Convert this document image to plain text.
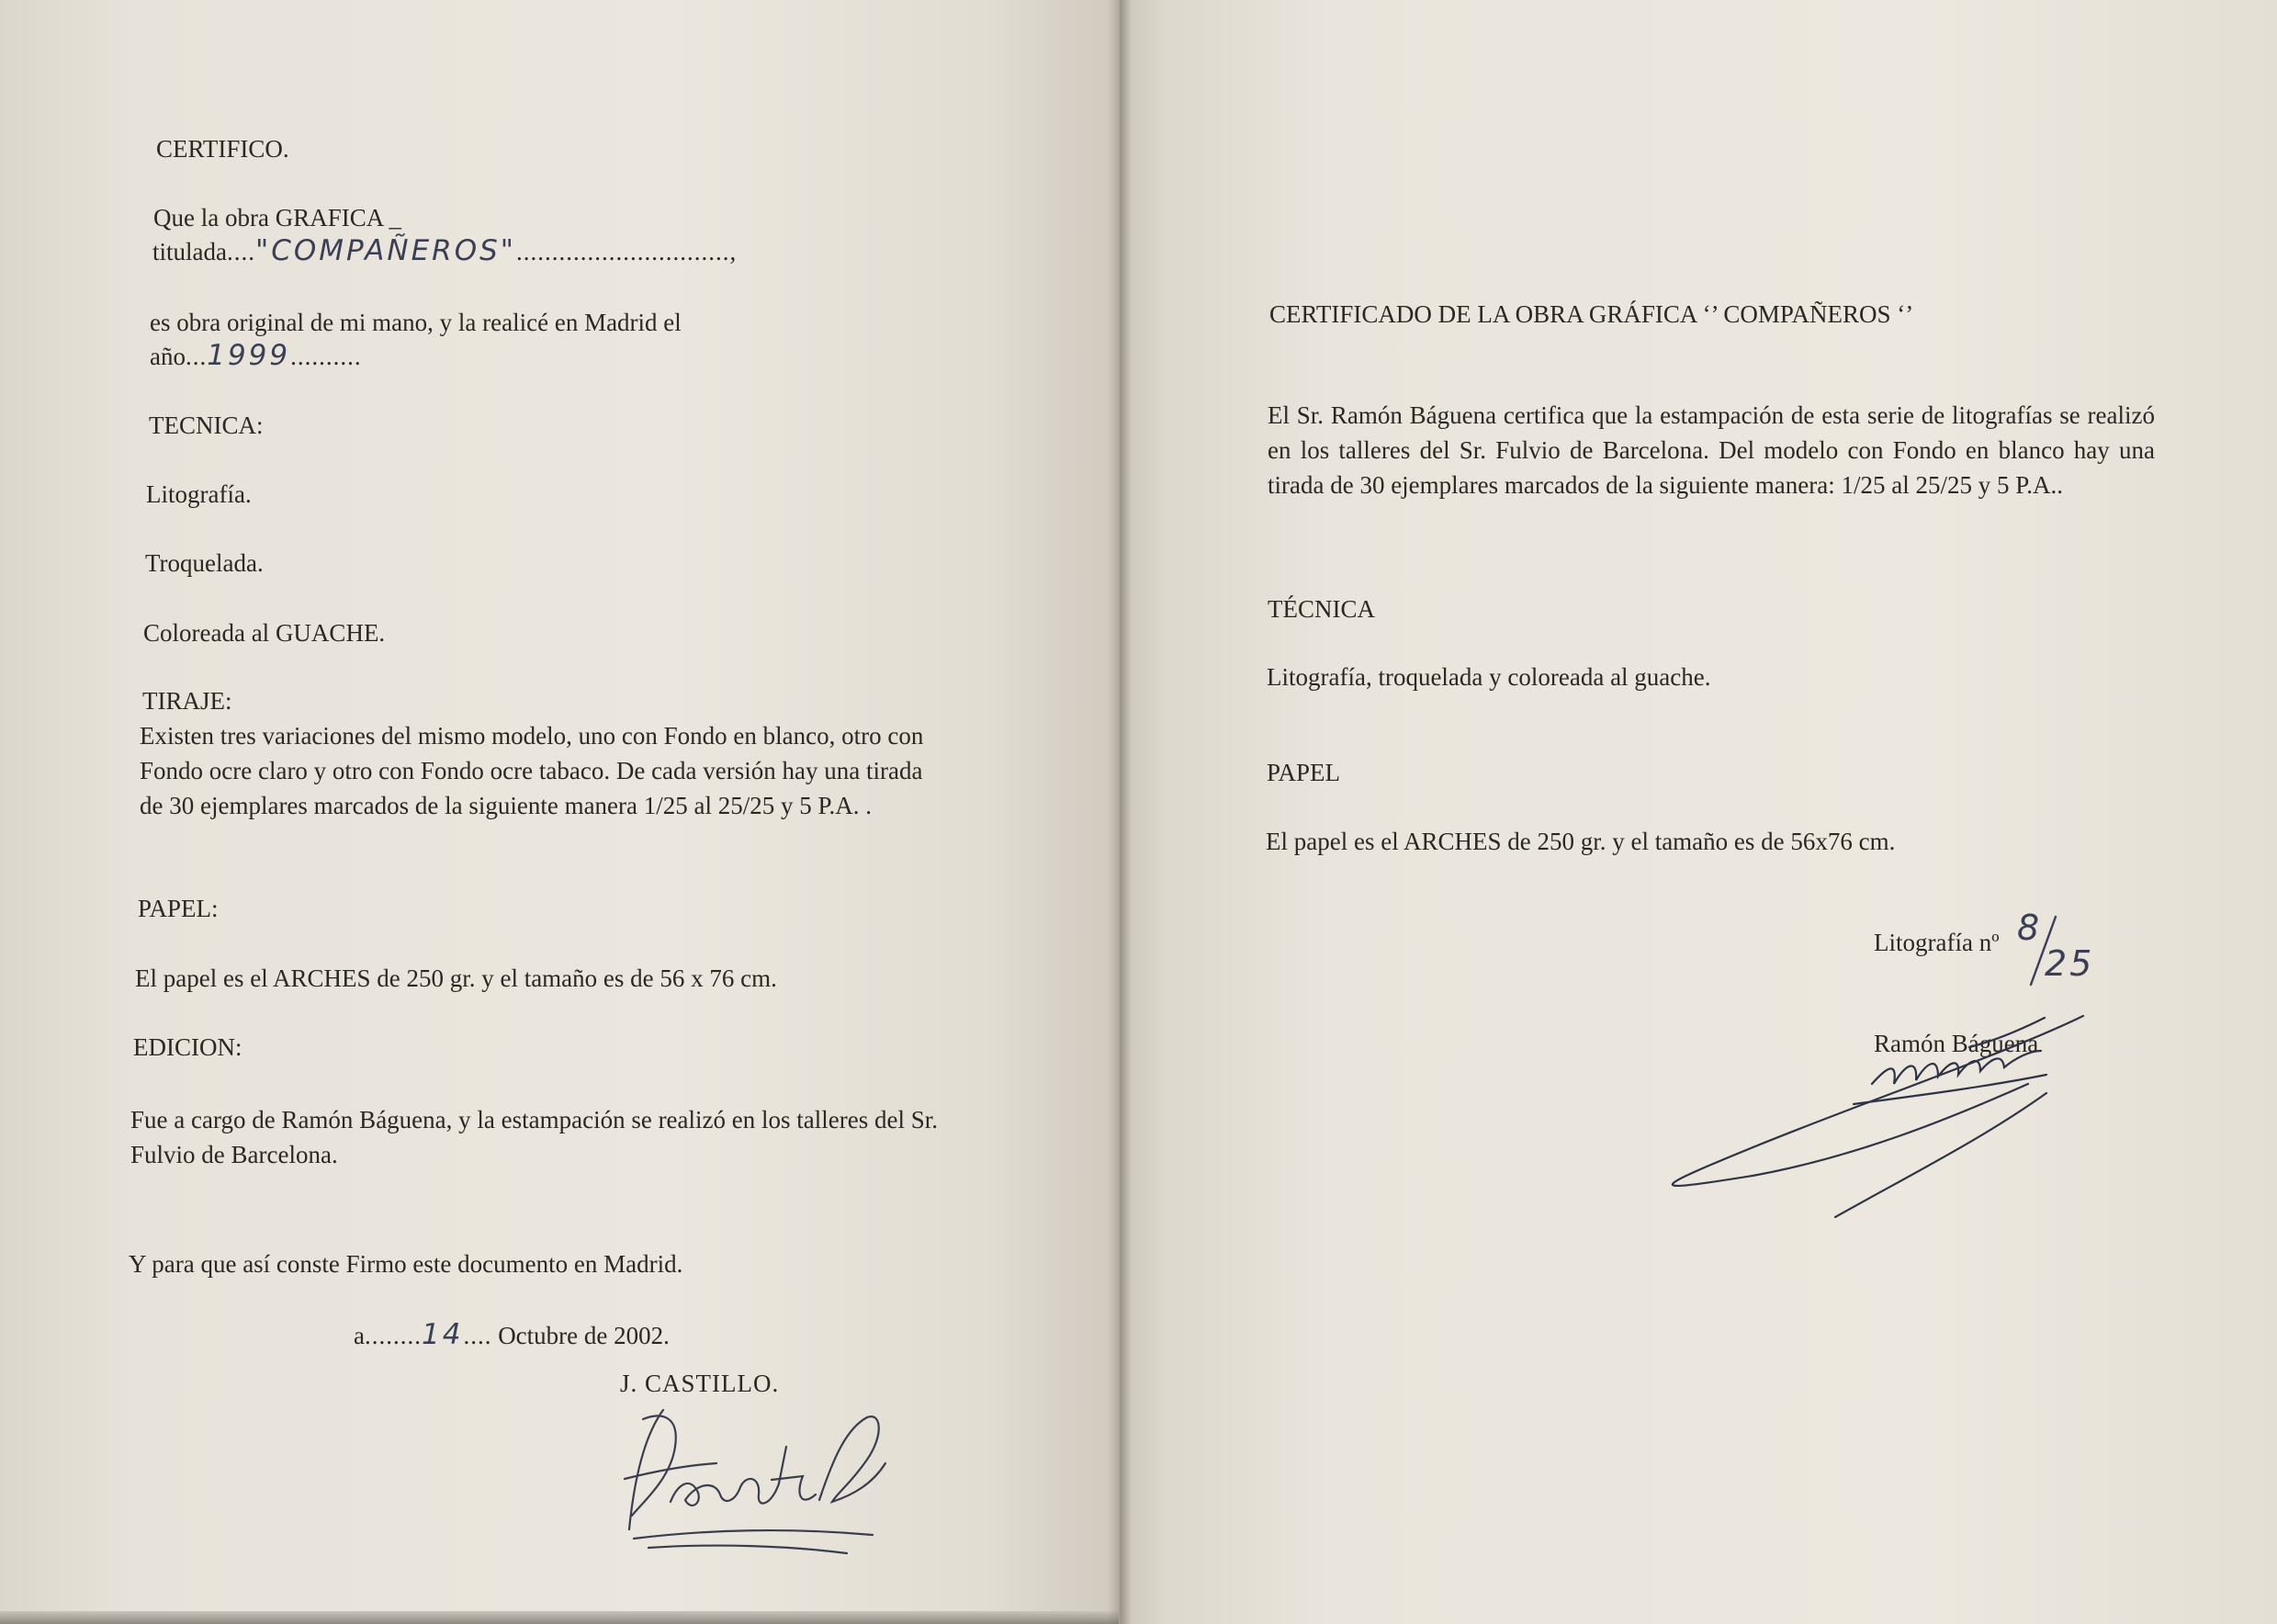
CERTIFICO.
Que la obra GRAFICA _
titulada...."COMPAÑEROS"..............................,
es obra original de mi mano, y la realicé en Madrid el
año...1999..........
TECNICA:
Litografía.
Troquelada.
Coloreada al GUACHE.
TIRAJE:
Existen tres variaciones del mismo modelo, uno con Fondo en blanco, otro con Fondo ocre claro y otro con Fondo ocre tabaco. De cada versión hay una tirada de 30 ejemplares marcados de la siguiente manera 1/25 al 25/25 y 5 P.A. .
PAPEL:
El papel es el ARCHES de 250 gr. y el tamaño es de 56 x 76 cm.
EDICION:
Fue a cargo de Ramón Báguena, y la estampación se realizó en los talleres del Sr. Fulvio de Barcelona.
Y para que así conste Firmo este documento en Madrid.
a........14.... Octubre de 2002.
J. CASTILLO.
CERTIFICADO DE LA OBRA GRÁFICA ‘’ COMPAÑEROS ‘’
El Sr. Ramón Báguena certifica que la estampación de esta serie de litografías se realizó en los talleres del Sr. Fulvio de Barcelona. Del modelo con Fondo en blanco hay una tirada de 30 ejemplares marcados de la siguiente manera: 1/25 al 25/25 y 5 P.A..
TÉCNICA
Litografía, troquelada y coloreada al guache.
PAPEL
El papel es el ARCHES de 250 gr. y el tamaño es de 56x76 cm.
Litografía nº 8
25
Ramón Báguena
